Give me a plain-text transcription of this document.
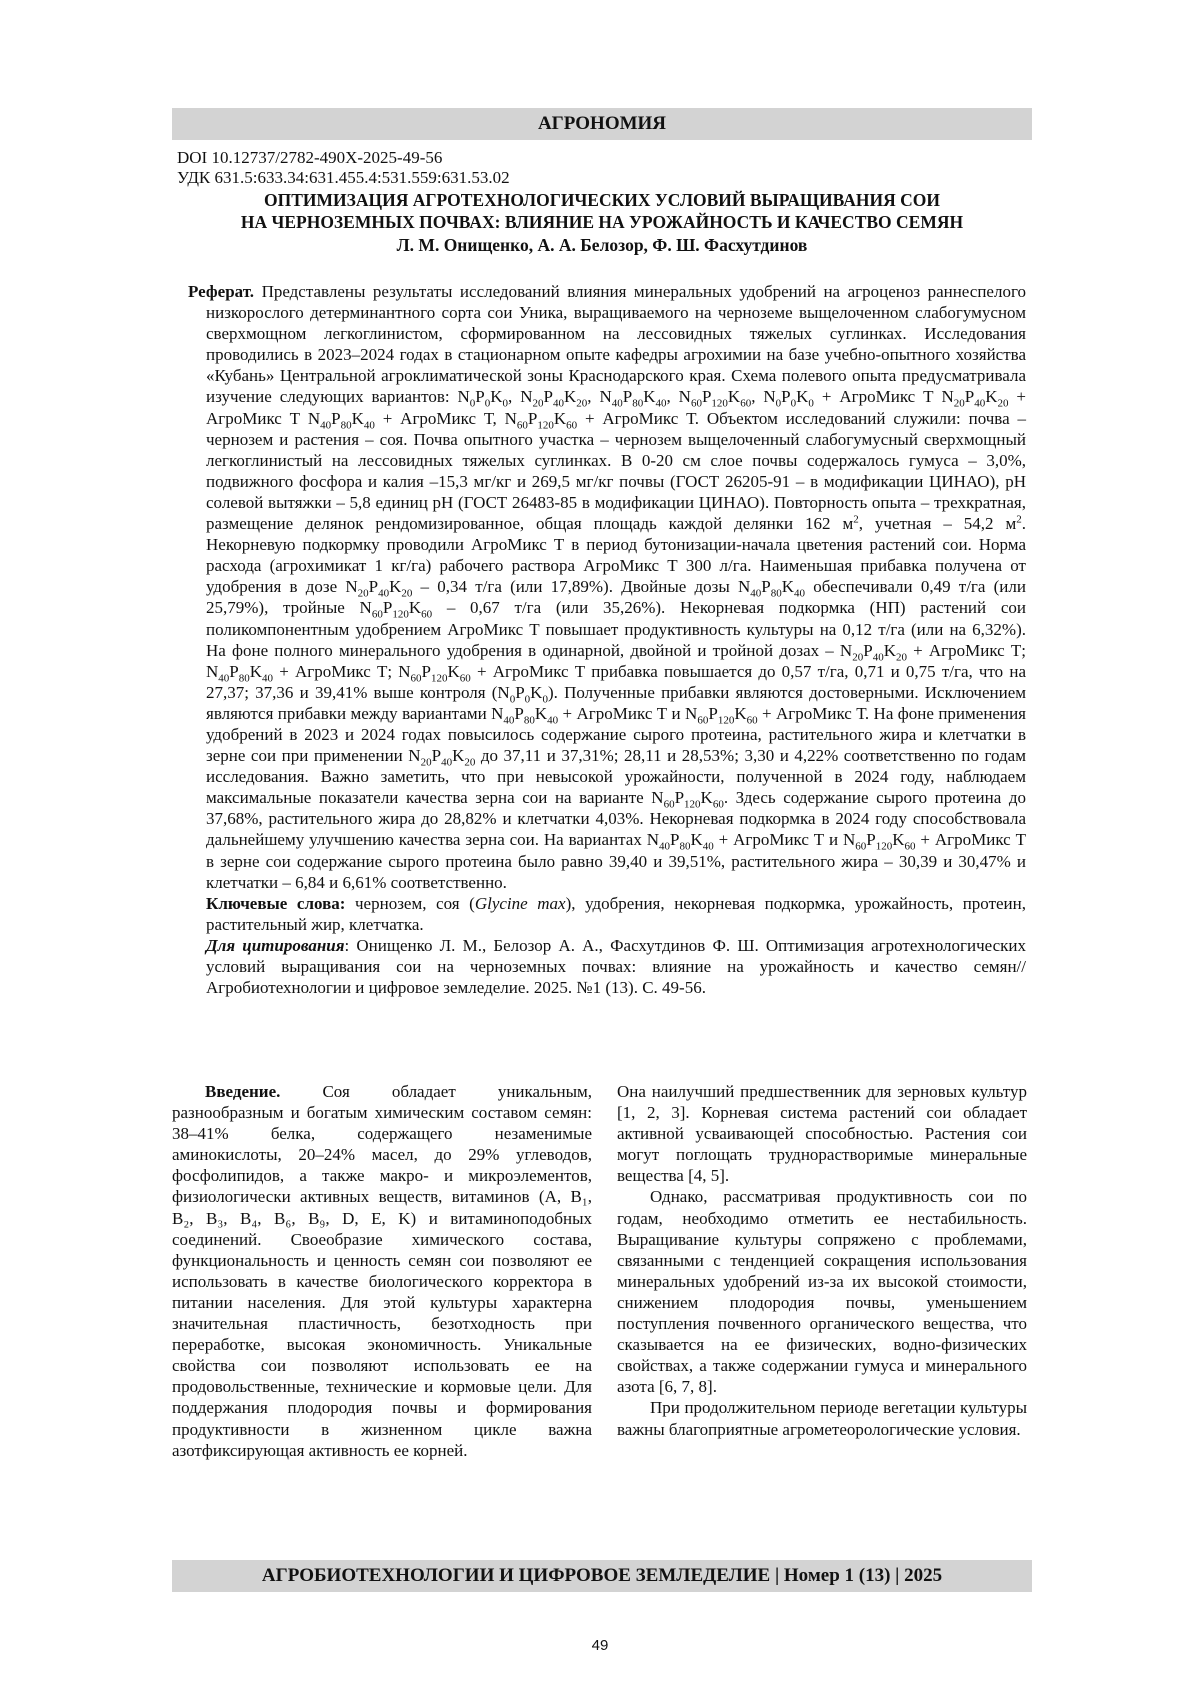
АГРОНОМИЯ
DOI 10.12737/2782-490X-2025-49-56
УДК 631.5:633.34:631.455.4:531.559:631.53.02
ОПТИМИЗАЦИЯ АГРОТЕХНОЛОГИЧЕСКИХ УСЛОВИЙ ВЫРАЩИВАНИЯ СОИ
НА ЧЕРНОЗЕМНЫХ ПОЧВАХ: ВЛИЯНИЕ НА УРОЖАЙНОСТЬ И КАЧЕСТВО СЕМЯН
Л. М. Онищенко, А. А. Белозор, Ф. Ш. Фасхутдинов

Реферат. Представлены результаты исследований влияния минеральных удобрений на агроценоз раннеспелого низкорослого детерминантного сорта сои Уника, выращиваемого на черноземе выщелоченном слабогумусном сверхмощном легкоглинистом, сформированном на лессовидных тяжелых суглинках. Исследования проводились в 2023–2024 годах в стационарном опыте кафедры агрохимии на базе учебно-опытного хозяйства «Кубань» Центральной агроклиматической зоны Краснодарского края. Схема полевого опыта предусматривала изучение следующих вариантов: $N_0P_0K_0$, $N_{20}P_{40}K_{20}$, $N_{40}P_{80}K_{40}$, $N_{60}P_{120}K_{60}$, $N_0P_0K_0$ + АгроМикс Т $N_{20}P_{40}K_{20}$ + АгроМикс Т $N_{40}P_{80}K_{40}$ + АгроМикс Т, $N_{60}P_{120}K_{60}$ + АгроМикс Т. Объектом исследований служили: почва – чернозем и растения – соя. Почва опытного участка – чернозем выщелоченный слабогумусный сверхмощный легкоглинистый на лессовидных тяжелых суглинках. В 0-20 см слое почвы содержалось гумуса – 3,0%, подвижного фосфора и калия –15,3 мг/кг и 269,5 мг/кг почвы (ГОСТ 26205-91 – в модификации ЦИНАО), рН солевой вытяжки – 5,8 единиц рН (ГОСТ 26483-85 в модификации ЦИНАО). Повторность опыта – трехкратная, размещение делянок рендомизированное, общая площадь каждой делянки 162 $м^2$, учетная – 54,2 $м^2$. Некорневую подкормку проводили АгроМикс Т в период бутонизации-начала цветения растений сои. Норма расхода (агрохимикат 1 кг/га) рабочего раствора АгроМикс Т 300 л/га. Наименьшая прибавка получена от удобрения в дозе $N_{20}P_{40}K_{20} - 0,34$ т/га (или 17,89%). Двойные дозы $N_{40}P_{80}K_{40}$ обеспечивали 0,49 т/га (или 25,79%), тройные $N_{60}P_{120}K_{60} - 0,67$ т/га (или 35,26%). Некорневая подкормка (НП) растений сои поликомпонентным удобрением АгроМикс Т повышает продуктивность культуры на 0,12 т/га (или на 6,32%). На фоне полного минерального удобрения в одинарной, двойной и тройной дозах – $N_{20}P_{40}K_{20}$ + АгроМикс Т; $N_{40}P_{80}K_{40}$ + АгроМикс Т; $N_{60}P_{120}K_{60}$ + АгроМикс Т прибавка повышается до 0,57 т/га, 0,71 и 0,75 т/га, что на 27,37; 37,36 и 39,41% выше контроля $(N_0P_0K_0)$. Полученные прибавки являются достоверными. Исключением являются прибавки между вариантами $N_{40}P_{80}K_{40}$ + АгроМикс Т и $N_{60}P_{120}K_{60}$ + АгроМикс Т. На фоне применения удобрений в 2023 и 2024 годах повысилось содержание сырого протеина, растительного жира и клетчатки в зерне сои при применении $N_{20}P_{40}K_{20}$ до 37,11 и 37,31%; 28,11 и 28,53%; 3,30 и 4,22% соответственно по годам исследования. Важно заметить, что при невысокой урожайности, полученной в 2024 году, наблюдаем максимальные показатели качества зерна сои на варианте $N_{60}P_{120}K_{60}$. Здесь содержание сырого протеина до 37,68%, растительного жира до 28,82% и клетчатки 4,03%. Некорневая подкормка в 2024 году способствовала дальнейшему улучшению качества зерна сои. На вариантах $N_{40}P_{80}K_{40}$ + АгроМикс Т и $N_{60}P_{120}K_{60}$ + АгроМикс Т в зерне сои содержание сырого протеина было равно 39,40 и 39,51%, растительного жира – 30,39 и 30,47% и клетчатки – 6,84 и 6,61% соответственно.

Ключевые слова: чернозем, соя (Glycine max), удобрения, некорневая подкормка, урожайность, протеин, растительный жир, клетчатка.

Для цитирования: Онищенко Л. М., Белозор А. А., Фасхутдинов Ф. Ш. Оптимизация агротехнологических условий выращивания сои на черноземных почвах: влияние на урожайность и качество семян// Агробиотехнологии и цифровое земледелие. 2025. №1 (13). С. 49-56.

Введение. Соя обладает уникальным, разнообразным и богатым химическим составом семян: 38–41% белка, содержащего незаменимые аминокислоты, 20–24% масел, до 29% углеводов, фосфолипидов, а также макро- и микроэлементов, физиологически активных веществ, витаминов (A, B₁, B₂, B₃, B₄, B₆, B₉, D, E, K) и витаминоподобных соединений. Своеобразие химического состава, функциональность и ценность семян сои позволяют ее использовать в качестве биологического корректора в питании населения. Для этой культуры характерна значительная пластичность, безотходность при переработке, высокая экономичность. Уникальные свойства сои позволяют использовать ее на продовольственные, технические и кормовые цели. Для поддержания плодородия почвы и формирования продуктивности в жизненном цикле важна азотфиксирующая активность ее корней.

Она наилучший предшественник для зерновых культур [1, 2, 3]. Корневая система растений сои обладает активной усваивающей способностью. Растения сои могут поглощать труднорастворимые минеральные вещества [4, 5].

Однако, рассматривая продуктивность сои по годам, необходимо отметить ее нестабильность. Выращивание культуры сопряжено с проблемами, связанными с тенденцией сокращения использования минеральных удобрений из-за их высокой стоимости, снижением плодородия почвы, уменьшением поступления почвенного органического вещества, что сказывается на ее физических, водно-физических свойствах, а также содержании гумуса и минерального азота [6, 7, 8].

При продолжительном периоде вегетации культуры важны благоприятные агрометеорологические условия.

АГРОБИОТЕХНОЛОГИИ И ЦИФРОВОЕ ЗЕМЛЕДЕЛИЕ | Номер 1 (13) | 2025
49
